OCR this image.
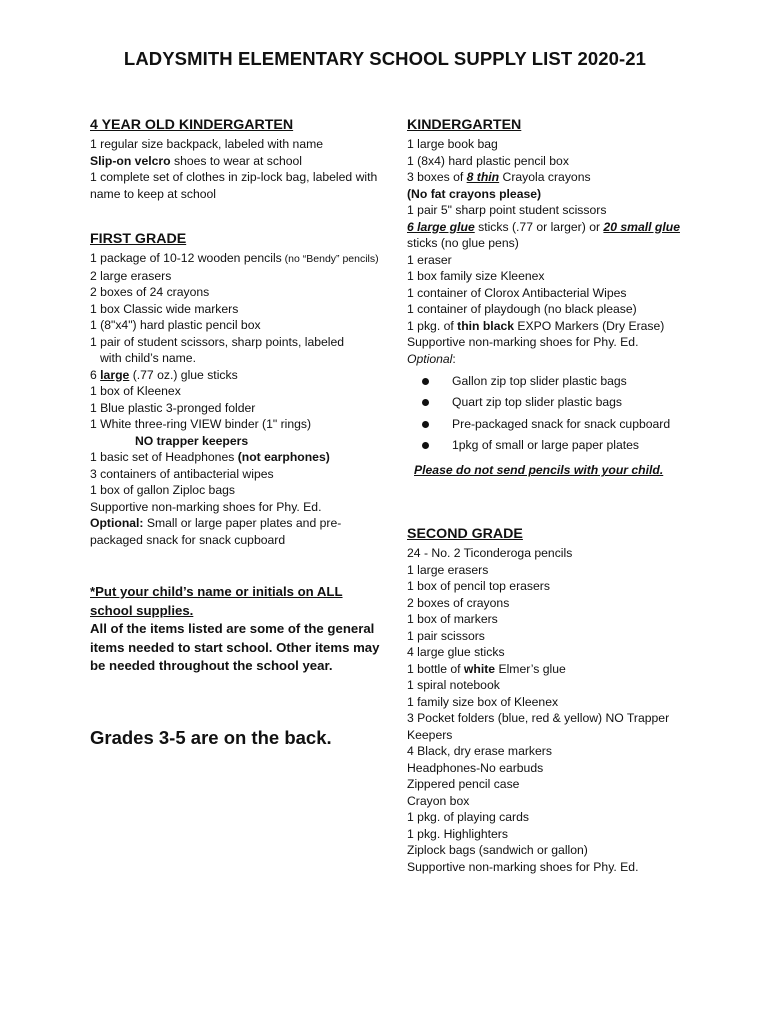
LADYSMITH ELEMENTARY SCHOOL SUPPLY LIST 2020-21
4 YEAR OLD KINDERGARTEN
1 regular size backpack, labeled with name
Slip-on velcro shoes to wear at school
1 complete set of clothes in zip-lock bag, labeled with name to keep at school
FIRST GRADE
1 package of 10-12 wooden pencils (no “Bendy” pencils)
2 large erasers
2 boxes of 24 crayons
1 box Classic wide markers
1 (8"x4") hard plastic pencil box
1 pair of student scissors, sharp points, labeled
with child’s name.
6 large (.77 oz.) glue sticks
1 box of Kleenex
1 Blue plastic 3-pronged folder
1 White three-ring VIEW binder (1" rings)
NO trapper keepers
1 basic set of Headphones (not earphones)
3 containers of antibacterial wipes
1 box of gallon Ziploc bags
Supportive non-marking shoes for Phy. Ed.
Optional: Small or large paper plates and pre-packaged snack for snack cupboard
*Put your child’s name or initials on ALL school supplies.
All of the items listed are some of the general items needed to start school. Other items may be needed throughout the school year.
Grades 3-5 are on the back.
KINDERGARTEN
1 large book bag
1 (8x4) hard plastic pencil box
3 boxes of 8 thin Crayola crayons
(No fat crayons please)
1 pair 5" sharp point student scissors
6 large glue sticks (.77 or larger) or 20 small glue sticks (no glue pens)
1 eraser
1 box family size Kleenex
1 container of Clorox Antibacterial Wipes
1 container of playdough (no black please)
1 pkg. of thin black EXPO Markers (Dry Erase)
Supportive non-marking shoes for Phy. Ed.
Optional:
Gallon zip top slider plastic bags
Quart zip top slider plastic bags
Pre-packaged snack for snack cupboard
1pkg of small or large paper plates
Please do not send pencils with your child.
SECOND GRADE
24 - No. 2 Ticonderoga pencils
1 large erasers
1 box of pencil top erasers
2 boxes of crayons
1 box of markers
1 pair scissors
4 large glue sticks
1 bottle of white Elmer’s glue
1 spiral notebook
1 family size box of Kleenex
3 Pocket folders (blue, red & yellow) NO Trapper Keepers
4 Black, dry erase markers
Headphones-No earbuds
Zippered pencil case
Crayon box
1 pkg. of playing cards
1 pkg. Highlighters
Ziplock bags (sandwich or gallon)
Supportive non-marking shoes for Phy. Ed.
